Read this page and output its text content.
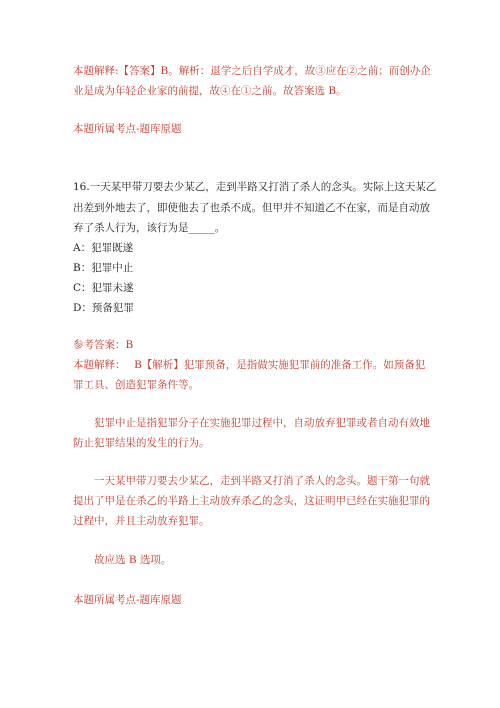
本题解释:【答案】B。解析：退学之后自学成才，故③应在②之前；而创办企
业是成为年轻企业家的前提，故④在①之前。故答案选 B。
本题所属考点-题库原题
16.一天某甲带刀要去少某乙，走到半路又打消了杀人的念头。实际上这天某乙
出差到外地去了，即使他去了也杀不成。但甲并不知道乙不在家，而是自动放
弃了杀人行为，该行为是_____。
A：犯罪既遂
B：犯罪中止
C：犯罪未遂
D：预备犯罪
参考答案：B
本题解释：　 B【解析】犯罪预备，是指做实施犯罪前的准备工作。如预备犯
罪工具、创造犯罪条件等。
犯罪中止是指犯罪分子在实施犯罪过程中，自动放弃犯罪或者自动有效地
防止犯罪结果的发生的行为。
一天某甲带刀要去少某乙，走到半路又打消了杀人的念头。题干第一句就
提出了甲是在杀乙的半路上主动放弃杀乙的念头，这证明甲已经在实施犯罪的
过程中，并且主动放弃犯罪。
故应选 B 选项。
本题所属考点-题库原题
